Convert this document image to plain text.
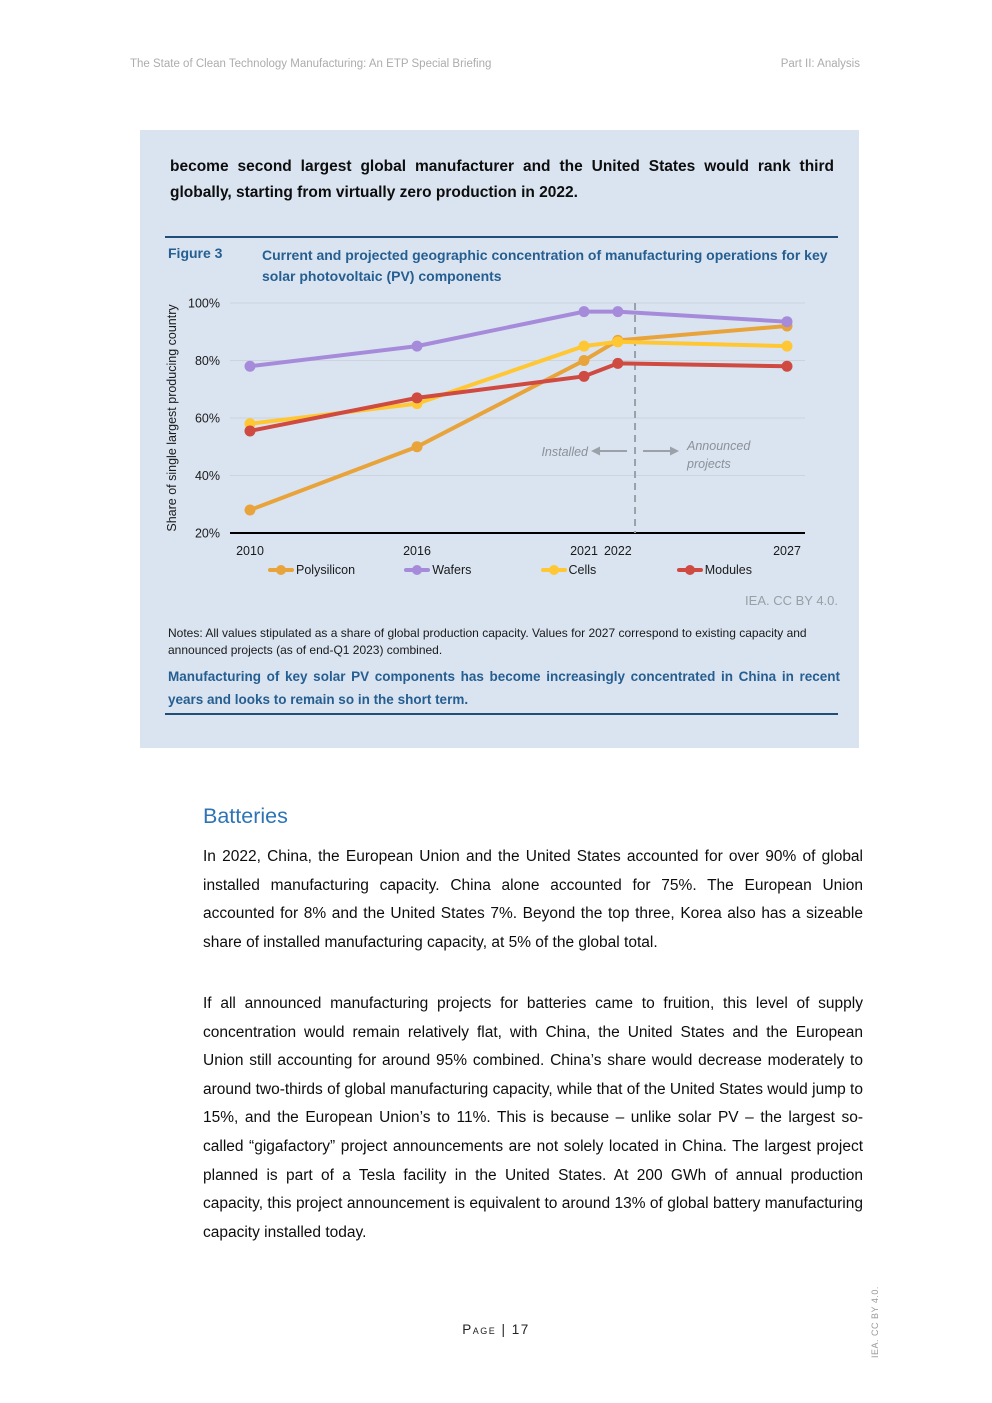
The State of Clean Technology Manufacturing: An ETP Special Briefing	Part II: Analysis
become second largest global manufacturer and the United States would rank third globally, starting from virtually zero production in 2022.
Figure 3	Current and projected geographic concentration of manufacturing operations for key solar photovoltaic (PV) components
20%
40%
60%
80%
100%
Installed	Announced
projects
2010	2016	2021 2022	2027
Share of single largest producing country
Polysilicon	Wafers	Cells	Modules
IEA. CC BY 4.0.
Notes: All values stipulated as a share of global production capacity. Values for 2027 correspond to existing capacity and announced projects (as of end-Q1 2023) combined.
Manufacturing of key solar PV components has become increasingly concentrated in China in recent years and looks to remain so in the short term.
Batteries
In 2022, China, the European Union and the United States accounted for over 90% of global installed manufacturing capacity. China alone accounted for 75%. The European Union accounted for 8% and the United States 7%. Beyond the top three, Korea also has a sizeable share of installed manufacturing capacity, at 5% of the global total.
If all announced manufacturing projects for batteries came to fruition, this level of supply concentration would remain relatively flat, with China, the United States and the European Union still accounting for around 95% combined. China’s share would decrease moderately to around two-thirds of global manufacturing capacity, while that of the United States would jump to 15%, and the European Union’s to 11%. This is because – unlike solar PV – the largest so-called “gigafactory” project announcements are not solely located in China. The largest project planned is part of a Tesla facility in the United States. At 200 GWh of annual production capacity, this project announcement is equivalent to around 13% of global battery manufacturing capacity installed today.
Page | 17	IEA. CC BY 4.0.
